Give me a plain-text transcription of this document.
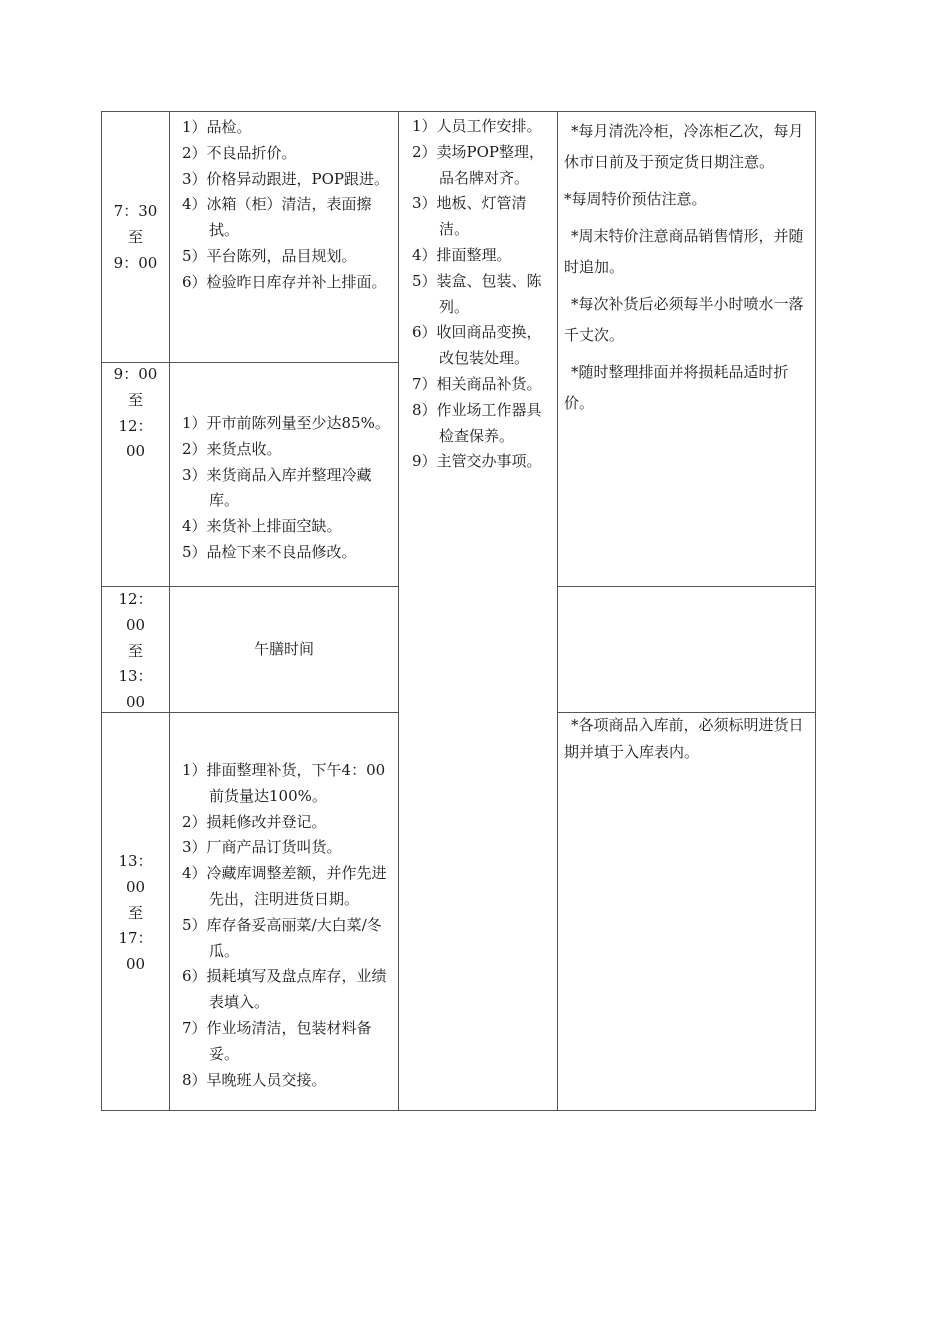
7：30
至
9：00
1）品检。
2）不良品折价。
3）价格异动跟进，POP跟进。
4）冰箱（柜）清洁，表面擦拭。
5）平台陈列，品目规划。
6）检验昨日库存并补上排面。
9：00
至
12：
00
1）开市前陈列量至少达85%。
2）来货点收。
3）来货商品入库并整理冷藏库。
4）来货补上排面空缺。
5）品检下来不良品修改。
12：
00
至
13：
00
午膳时间
13：
00
至
17：
00
1）排面整理补货，下午4：00前货量达100%。
2）损耗修改并登记。
3）厂商产品订货叫货。
4）冷藏库调整差额，并作先进先出，注明进货日期。
5）库存备妥高丽菜/大白菜/冬瓜。
6）损耗填写及盘点库存，业绩表填入。
7）作业场清洁，包装材料备妥。
8）早晚班人员交接。
1）人员工作安排。
2）卖场POP整理，品名牌对齐。
3）地板、灯管清洁。
4）排面整理。
5）装盒、包装、陈列。
6）收回商品变换，改包装处理。
7）相关商品补货。
8）作业场工作器具检查保养。
9）主管交办事项。

*每月清洗冷柜，冷冻柜乙次，每月休市日前及于预定货日期注意。

*每周特价预估注意。

*周末特价注意商品销售情形，并随时追加。

*每次补货后必须每半小时喷水一落千丈次。

*随时整理排面并将损耗品适时折价。

*各项商品入库前，必须标明进货日期并填于入库表内。
